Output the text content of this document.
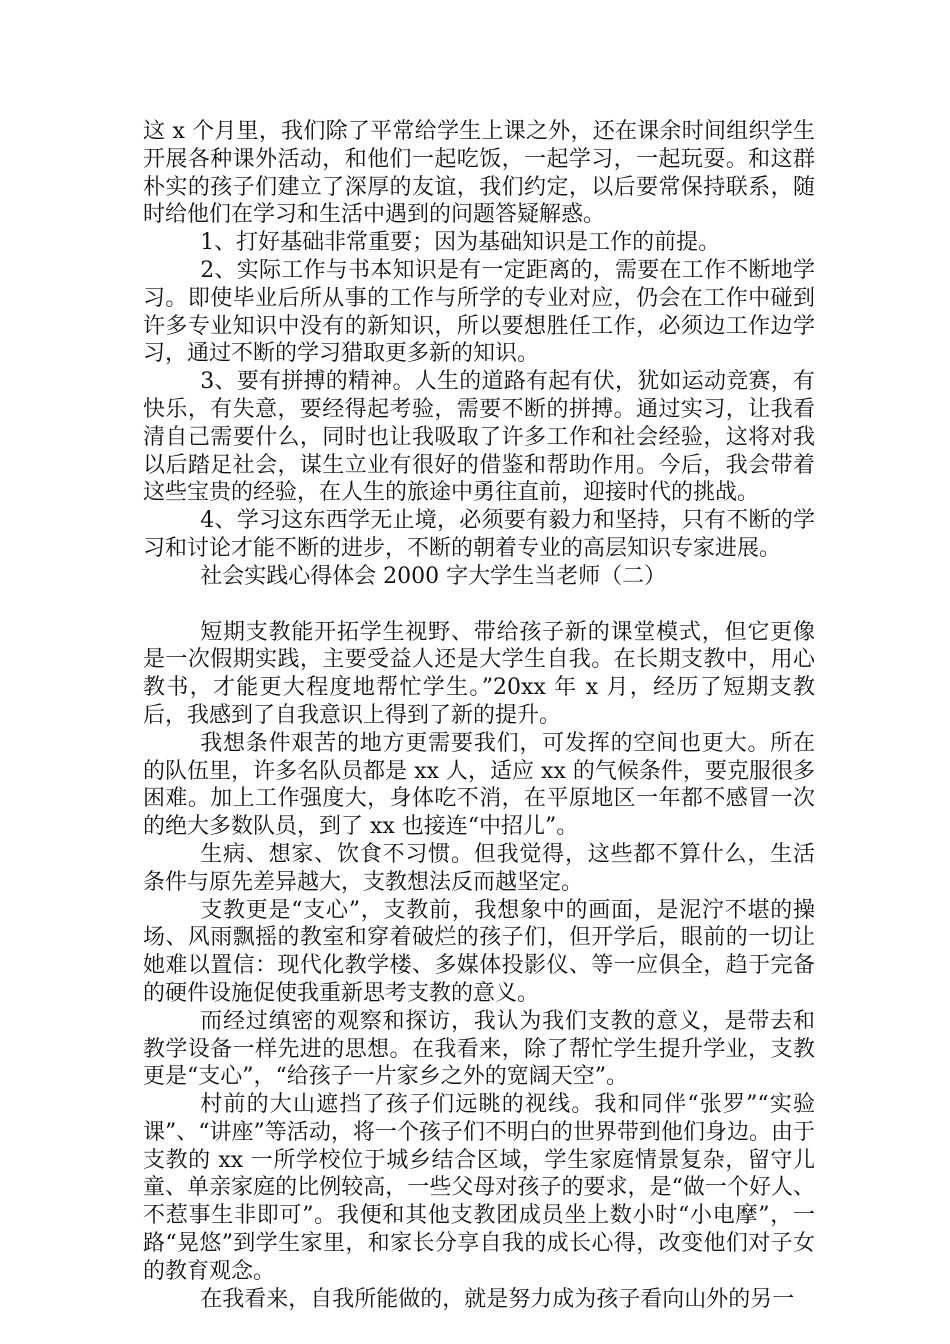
这 x 个月里，我们除了平常给学生上课之外，还在课余时间组织学生开展各种课外活动，和他们一起吃饭，一起学习，一起玩耍。和这群朴实的孩子们建立了深厚的友谊，我们约定，以后要常保持联系，随时给他们在学习和生活中遇到的问题答疑解惑。

1、打好基础非常重要；因为基础知识是工作的前提。

2、实际工作与书本知识是有一定距离的，需要在工作不断地学习。即使毕业后所从事的工作与所学的专业对应，仍会在工作中碰到许多专业知识中没有的新知识，所以要想胜任工作，必须边工作边学习，通过不断的学习猎取更多新的知识。

3、要有拼搏的精神。人生的道路有起有伏，犹如运动竞赛，有快乐，有失意，要经得起考验，需要不断的拼搏。通过实习，让我看清自己需要什么，同时也让我吸取了许多工作和社会经验，这将对我以后踏足社会，谋生立业有很好的借鉴和帮助作用。今后，我会带着这些宝贵的经验，在人生的旅途中勇往直前，迎接时代的挑战。

4、学习这东西学无止境，必须要有毅力和坚持，只有不断的学习和讨论才能不断的进步，不断的朝着专业的高层知识专家进展。

社会实践心得体会 2000 字大学生当老师（二）

短期支教能开拓学生视野、带给孩子新的课堂模式，但它更像是一次假期实践，主要受益人还是大学生自我。在长期支教中，用心教书，才能更大程度地帮忙学生。”20xx 年 x 月，经历了短期支教后，我感到了自我意识上得到了新的提升。

我想条件艰苦的地方更需要我们，可发挥的空间也更大。所在的队伍里，许多名队员都是 xx 人，适应 xx 的气候条件，要克服很多困难。加上工作强度大，身体吃不消，在平原地区一年都不感冒一次的绝大多数队员，到了 xx 也接连“中招儿”。

生病、想家、饮食不习惯。但我觉得，这些都不算什么，生活条件与原先差异越大，支教想法反而越坚定。

支教更是“支心”，支教前，我想象中的画面，是泥泞不堪的操场、风雨飘摇的教室和穿着破烂的孩子们，但开学后，眼前的一切让她难以置信：现代化教学楼、多媒体投影仪、等一应俱全，趋于完备的硬件设施促使我重新思考支教的意义。

而经过缜密的观察和探访，我认为我们支教的意义，是带去和教学设备一样先进的思想。在我看来，除了帮忙学生提升学业，支教更是“支心”，“给孩子一片家乡之外的宽阔天空”。

村前的大山遮挡了孩子们远眺的视线。我和同伴“张罗”“实验课”、“讲座”等活动，将一个孩子们不明白的世界带到他们身边。由于支教的 xx 一所学校位于城乡结合区域，学生家庭情景复杂，留守儿童、单亲家庭的比例较高，一些父母对孩子的要求，是“做一个好人、不惹事生非即可”。我便和其他支教团成员坐上数小时“小电摩”，一路“晃悠”到学生家里，和家长分享自我的成长心得，改变他们对子女的教育观念。

在我看来，自我所能做的，就是努力成为孩子看向山外的另一
